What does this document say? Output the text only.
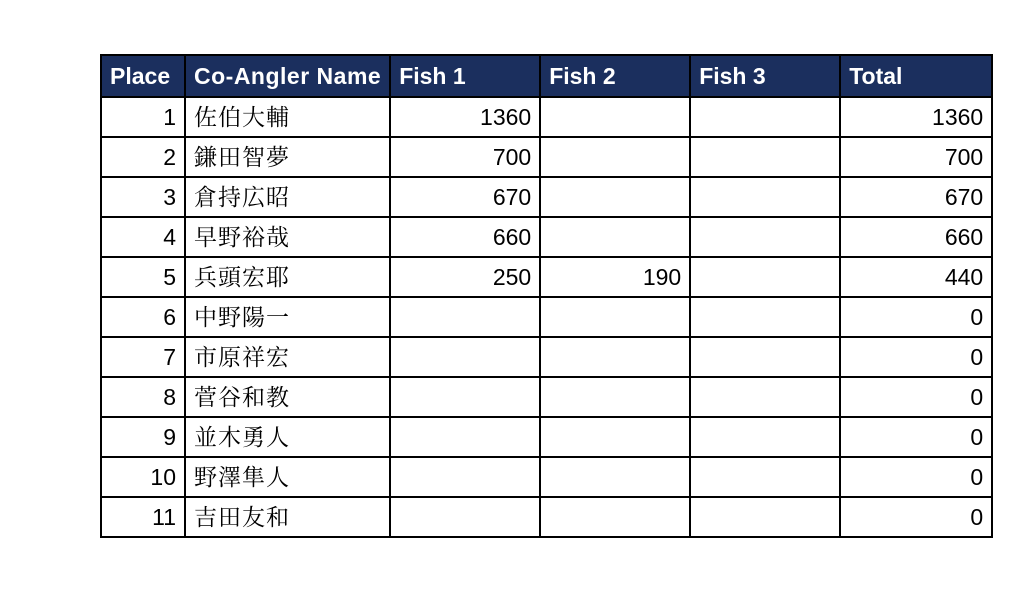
Place	Co-Angler Name	Fish 1	Fish 2	Fish 3	Total
1	佐伯大輔	1360			1360
2	鎌田智夢	700			700
3	倉持広昭	670			670
4	早野裕哉	660			660
5	兵頭宏耶	250	190		440
6	中野陽一				0
7	市原祥宏				0
8	菅谷和教				0
9	並木勇人				0
10	野澤隼人				0
11	吉田友和				0
